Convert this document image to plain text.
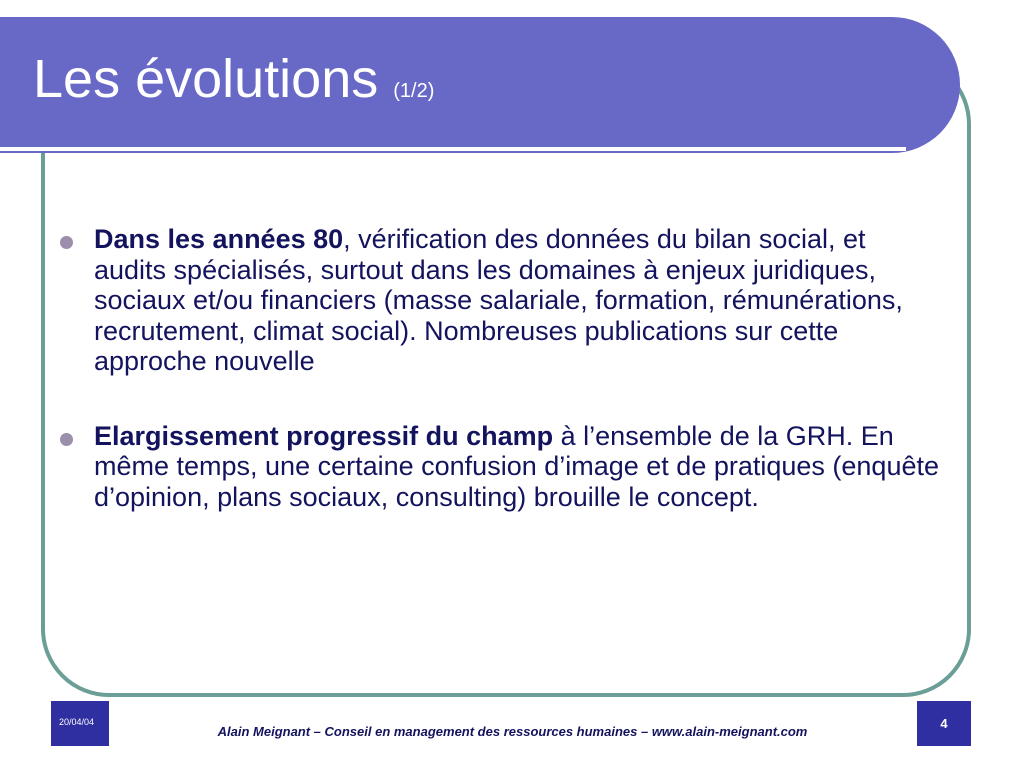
Les évolutions (1/2)
Dans les années 80, vérification des données du bilan social, et audits spécialisés, surtout dans les domaines à enjeux juridiques, sociaux et/ou financiers (masse salariale, formation, rémunérations, recrutement, climat social). Nombreuses publications sur cette approche nouvelle
Elargissement progressif du champ à l’ensemble de la GRH. En même temps, une certaine confusion d’image et de pratiques (enquête d’opinion, plans sociaux, consulting) brouille le concept.
20/04/04
Alain Meignant – Conseil en management des ressources humaines – www.alain-meignant.com
4
